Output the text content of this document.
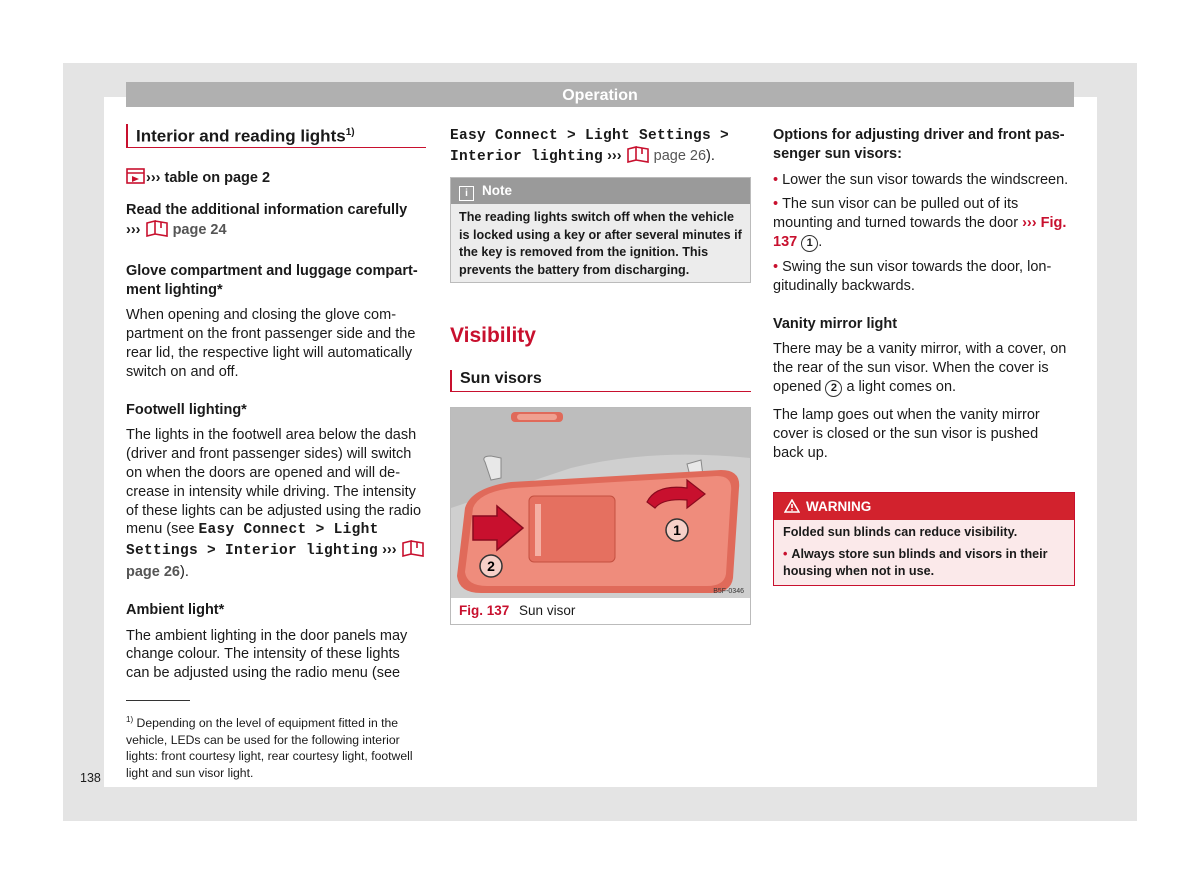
Operation
Interior and reading lights$^{1)}$

››› table on page 2

Read the additional information carefully

››› page 24

Glove compartment and luggage compartment lighting*

When opening and closing the glove compartment on the front passenger side and the rear lid, the respective light will automatically switch on and off.

Footwell lighting*

The lights in the footwell area below the dash (driver and front passenger sides) will switch on when the doors are opened and will decrease in intensity while driving. The intensity of these lights can be adjusted using the radio menu (see Easy Connect > Light Settings > Interior lighting ›››  page 26).

Ambient light*

The ambient lighting in the door panels may change colour. The intensity of these lights can be adjusted using the radio menu (see

$^{1)}$ Depending on the level of equipment fitted in the vehicle, LEDs can be used for the following interior lights: front courtesy light, rear courtesy light, footwell light and sun visor light.
138

Easy Connect > Light Settings > Interior lighting ››› page 26).

i Note
The reading lights switch off when the vehicle is locked using a key or after several minutes if the key is removed from the ignition. This prevents the battery from discharging.
Visibility
Sun visors
1
2
B5F-0346
Fig. 137 Sun visor

Options for adjusting driver and front passenger sun visors:

• Lower the sun visor towards the windscreen.

• The sun visor can be pulled out of its mounting and turned towards the door ››› Fig. 137 1 .

• Swing the sun visor towards the door, longitudinally backwards.

Vanity mirror light

There may be a vanity mirror, with a cover, on the rear of the sun visor. When the cover is opened 2 a light comes on.

The lamp goes out when the vanity mirror cover is closed or the sun visor is pushed back up.

WARNING
Folded sun blinds can reduce visibility.
• Always store sun blinds and visors in their housing when not in use.
